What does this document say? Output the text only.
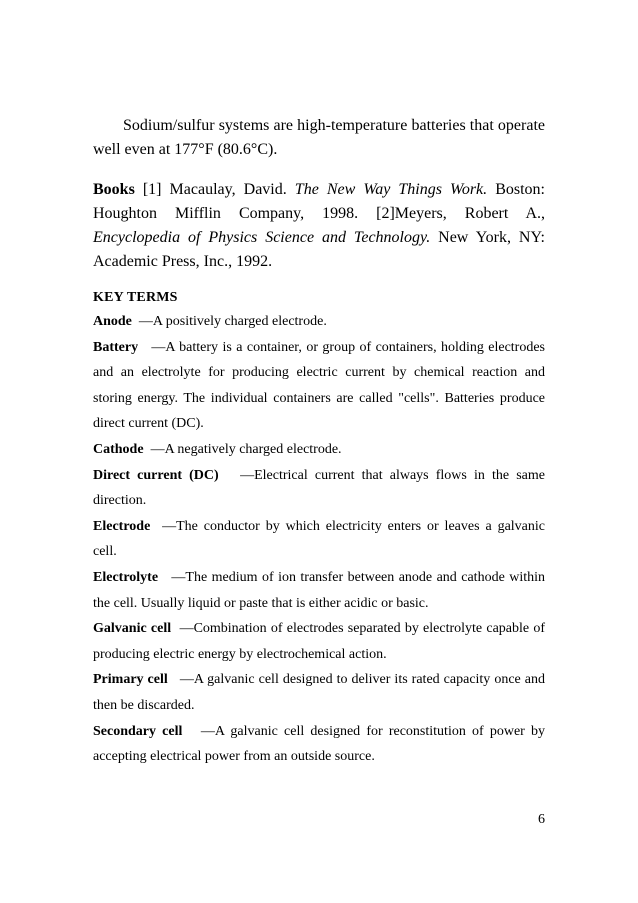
Sodium/sulfur systems are high-temperature batteries that operate well even at 177°F (80.6°C).

Books [1] Macaulay, David. The New Way Things Work. Boston: Houghton Mifflin Company, 1998. [2]Meyers, Robert A., Encyclopedia of Physics Science and Technology. New York, NY: Academic Press, Inc., 1992.

KEY TERMS

Anode —A positively charged electrode.

Battery —A battery is a container, or group of containers, holding electrodes and an electrolyte for producing electric current by chemical reaction and storing energy. The individual containers are called "cells". Batteries produce direct current (DC).

Cathode —A negatively charged electrode.

Direct current (DC) —Electrical current that always flows in the same direction.

Electrode —The conductor by which electricity enters or leaves a galvanic cell.

Electrolyte —The medium of ion transfer between anode and cathode within the cell. Usually liquid or paste that is either acidic or basic.

Galvanic cell —Combination of electrodes separated by electrolyte capable of producing electric energy by electrochemical action.

Primary cell —A galvanic cell designed to deliver its rated capacity once and then be discarded.

Secondary cell —A galvanic cell designed for reconstitution of power by accepting electrical power from an outside source.

6
